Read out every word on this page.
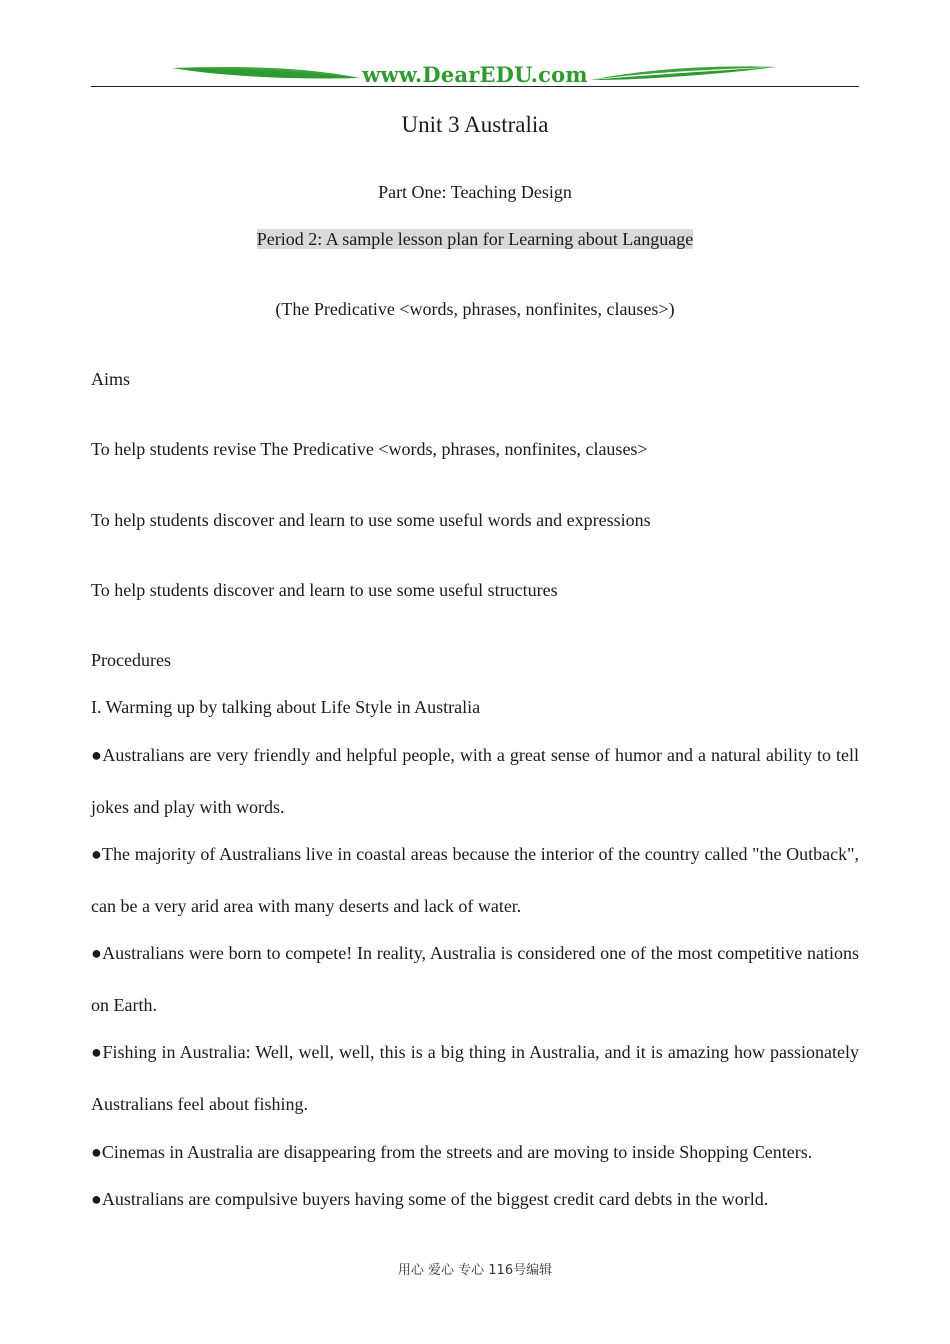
www.DearEDU.com
Unit 3 Australia
Part One: Teaching Design
Period 2: A sample lesson plan for Learning about Language
(The Predicative <words, phrases, nonfinites, clauses>)
Aims
To help students revise The Predicative <words, phrases, nonfinites, clauses>
To help students discover and learn to use some useful words and expressions
To help students discover and learn to use some useful structures
Procedures
I. Warming up by talking about Life Style in Australia
●Australians are very friendly and helpful people, with a great sense of humor and a natural ability to tell jokes and play with words.
●The majority of Australians live in coastal areas because the interior of the country called "the Outback", can be a very arid area with many deserts and lack of water.
●Australians were born to compete! In reality, Australia is considered one of the most competitive nations on Earth.
●Fishing in Australia: Well, well, well, this is a big thing in Australia, and it is amazing how passionately Australians feel about fishing.
●Cinemas in Australia are disappearing from the streets and are moving to inside Shopping Centers.
●Australians are compulsive buyers having some of the biggest credit card debts in the world.
用心 爱心 专心 116号编辑
